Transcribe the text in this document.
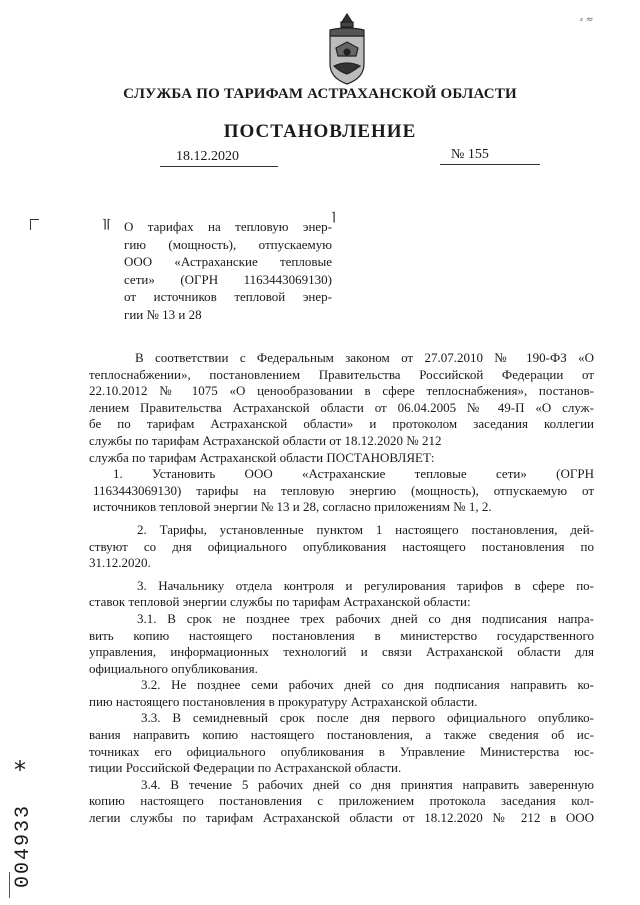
⸗ ≈
СЛУЖБА ПО ТАРИФАМ АСТРАХАНСКОЙ ОБЛАСТИ
ПОСТАНОВЛЕНИЕ
18.12.2020	№ 155
⌉⌈	⌉
О тарифах на тепловую энер-
гию (мощность), отпускаемую
ООО «Астраханские тепловые
сети» (ОГРН 1163443069130)
от источников тепловой энер-
гии № 13 и 28
В соответствии с Федеральным законом от 27.07.2010 № 190-ФЗ «О
теплоснабжении», постановлением Правительства Российской Федерации от
22.10.2012 № 1075 «О ценообразовании в сфере теплоснабжения», постанов-
лением Правительства Астраханской области от 06.04.2005 № 49-П «О служ-
бе по тарифам Астраханской области» и протоколом заседания коллегии
службы по тарифам Астраханской области от 18.12.2020 № 212
служба по тарифам Астраханской области ПОСТАНОВЛЯЕТ:
1. Установить ООО «Астраханские тепловые сети» (ОГРН
1163443069130) тарифы на тепловую энергию (мощность), отпускаемую от
источников тепловой энергии № 13 и 28, согласно приложениям № 1, 2.
2. Тарифы, установленные пунктом 1 настоящего постановления, дей-
ствуют со дня официального опубликования настоящего постановления по
31.12.2020.
3. Начальнику отдела контроля и регулирования тарифов в сфере по-
ставок тепловой энергии службы по тарифам Астраханской области:
3.1. В срок не позднее трех рабочих дней со дня подписания напра-
вить копию настоящего постановления в министерство государственного
управления, информационных технологий и связи Астраханской области для
официального опубликования.
3.2. Не позднее семи рабочих дней со дня подписания направить ко-
пию настоящего постановления в прокуратуру Астраханской области.
3.3. В семидневный срок после дня первого официального опублико-
вания направить копию настоящего постановления, а также сведения об ис-
точниках его официального опубликования в Управление Министерства юс-
тиции Российской Федерации по Астраханской области.
3.4. В течение 5 рабочих дней со дня принятия направить заверенную
копию настоящего постановления с приложением протокола заседания кол-
легии службы по тарифам Астраханской области от 18.12.2020 № 212 в ООО
*
004933
